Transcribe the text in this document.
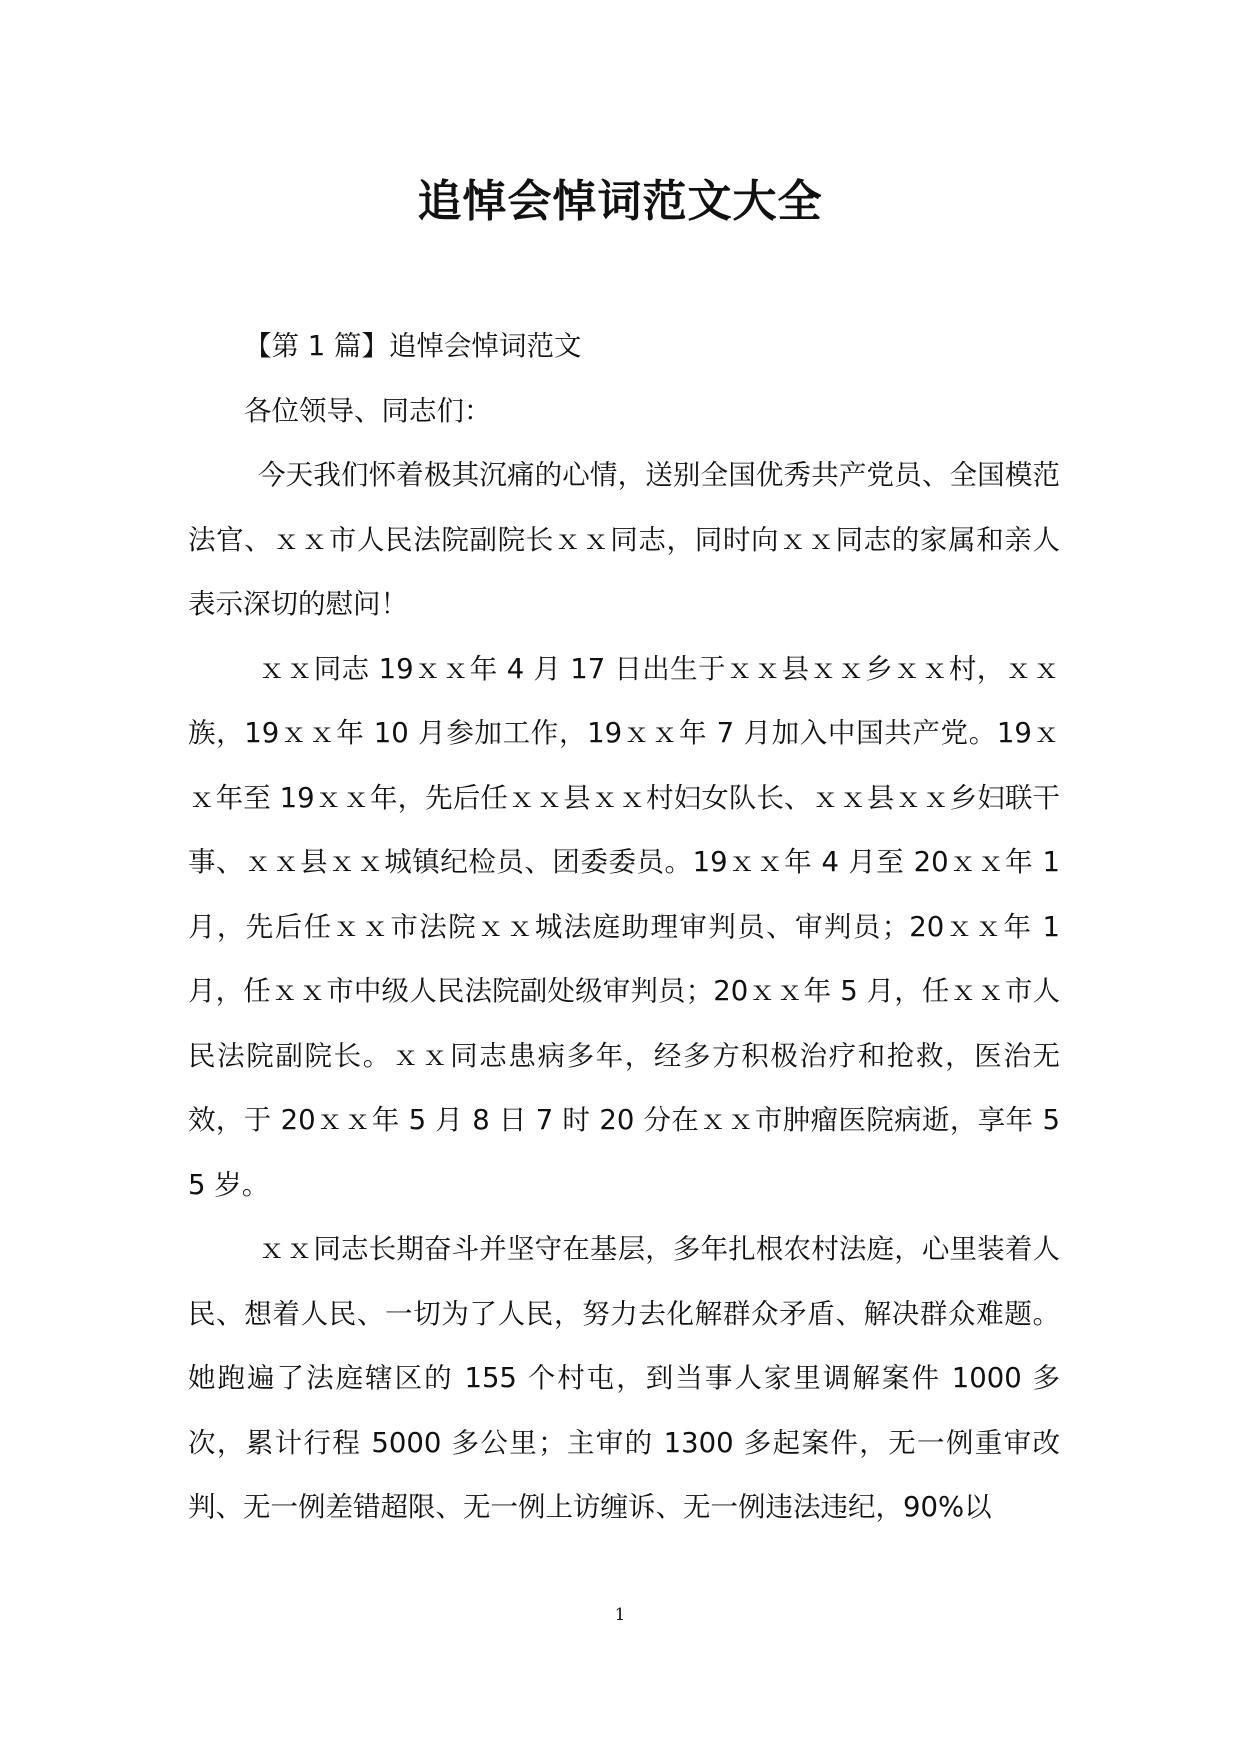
追悼会悼词范文大全

【第 1 篇】追悼会悼词范文

各位领导、同志们：

今天我们怀着极其沉痛的心情，送别全国优秀共产党员、全国模范法官、ｘｘ市人民法院副院长ｘｘ同志，同时向ｘｘ同志的家属和亲人表示深切的慰问！

ｘｘ同志 19ｘｘ年 4 月 17 日出生于ｘｘ县ｘｘ乡ｘｘ村，ｘｘ族，19ｘｘ年 10 月参加工作，19ｘｘ年 7 月加入中国共产党。19ｘｘ年至 19ｘｘ年，先后任ｘｘ县ｘｘ村妇女队长、ｘｘ县ｘｘ乡妇联干事、ｘｘ县ｘｘ城镇纪检员、团委委员。19ｘｘ年 4 月至 20ｘｘ年 1 月，先后任ｘｘ市法院ｘｘ城法庭助理审判员、审判员；20ｘｘ年 1 月，任ｘｘ市中级人民法院副处级审判员；20ｘｘ年 5 月，任ｘｘ市人民法院副院长。ｘｘ同志患病多年，经多方积极治疗和抢救，医治无效，于 20ｘｘ年 5 月 8 日 7 时 20 分在ｘｘ市肿瘤医院病逝，享年 55 岁。

ｘｘ同志长期奋斗并坚守在基层，多年扎根农村法庭，心里装着人民、想着人民、一切为了人民，努力去化解群众矛盾、解决群众难题。她跑遍了法庭辖区的 155 个村屯，到当事人家里调解案件 1000 多次，累计行程 5000 多公里；主审的 1300 多起案件，无一例重审改判、无一例差错超限、无一例上访缠诉、无一例违法违纪，90%以

1
